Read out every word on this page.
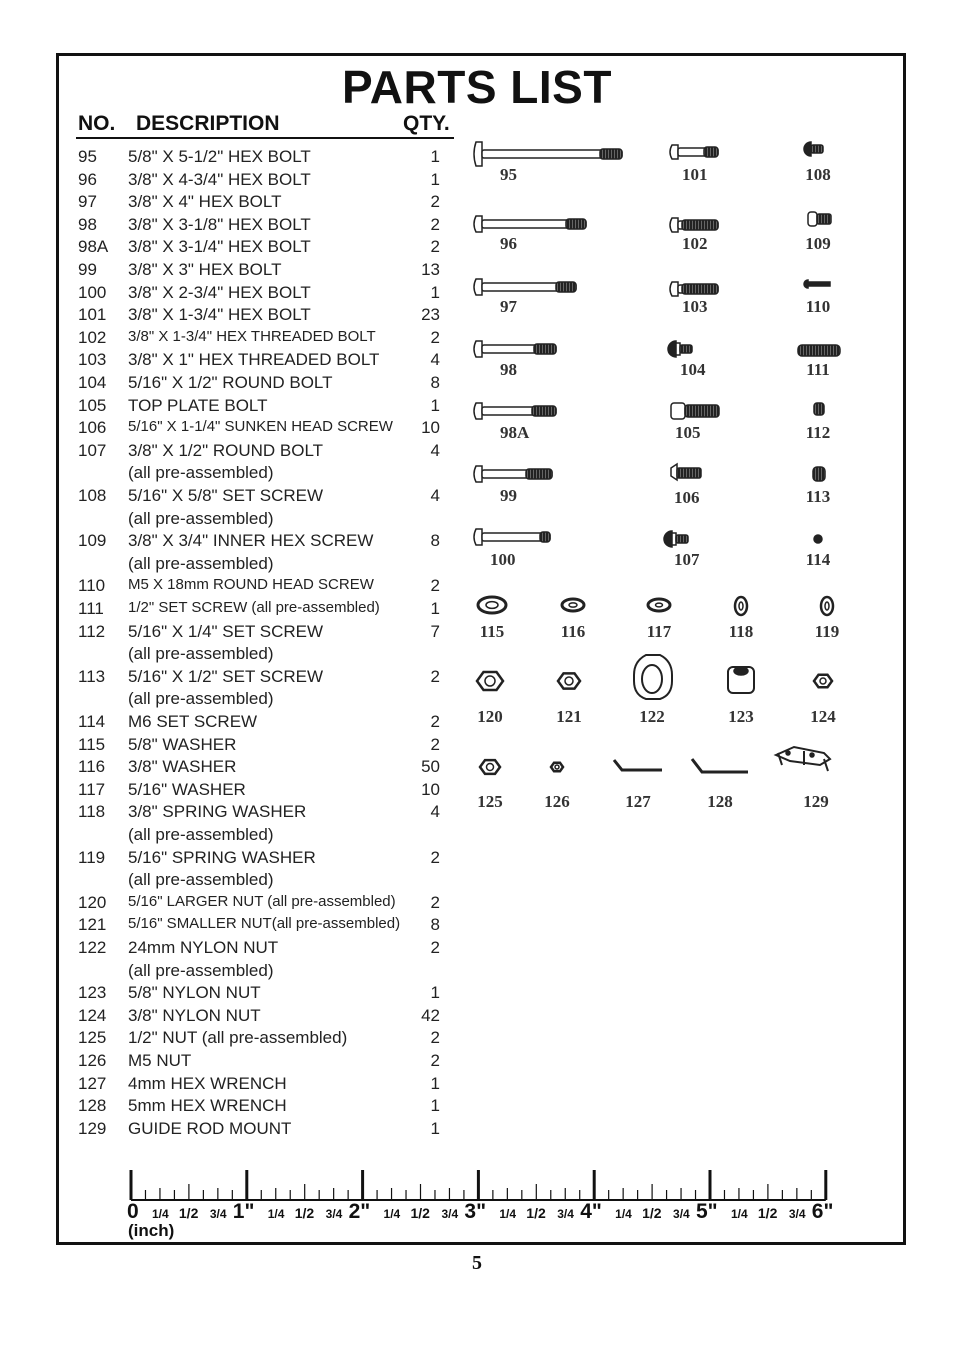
PARTS LIST
NO. DESCRIPTION	QTY.
95	5/8" X 5-1/2" HEX BOLT	1
96	3/8" X 4-3/4" HEX BOLT	1
97	3/8" X 4" HEX BOLT	2
98	3/8" X 3-1/8" HEX BOLT	2
98A 3/8" X 3-1/4" HEX BOLT	2
99	3/8" X 3" HEX BOLT	13
100 3/8" X 2-3/4" HEX BOLT	1
101 3/8" X 1-3/4" HEX BOLT	23
102 3/8" X 1-3/4" HEX THREADED BOLT	2
103 3/8" X 1" HEX THREADED BOLT	4
104 5/16" X 1/2" ROUND BOLT	8
105 TOP PLATE BOLT	1
106 5/16" X 1-1/4" SUNKEN HEAD SCREW	10
107 3/8" X 1/2" ROUND BOLT	4
(all pre-assembled)
108 5/16" X 5/8" SET SCREW	4
(all pre-assembled)
109 3/8" X 3/4" INNER HEX SCREW	8
(all pre-assembled)
110 M5 X 18mm ROUND HEAD SCREW	2
111 1/2" SET SCREW (all pre-assembled)	1
112 5/16" X 1/4" SET SCREW	7
(all pre-assembled)
113 5/16" X 1/2" SET SCREW	2
(all pre-assembled)
114 M6 SET SCREW	2
115 5/8" WASHER	2
116 3/8" WASHER	50
117 5/16" WASHER	10
118 3/8" SPRING WASHER	4
(all pre-assembled)
119 5/16" SPRING WASHER	2
(all pre-assembled)
120 5/16" LARGER NUT (all pre-assembled)	2
121 5/16" SMALLER NUT(all pre-assembled)	8
122 24mm NYLON NUT	2
(all pre-assembled)
123 5/8" NYLON NUT	1
124 3/8" NYLON NUT	42
125 1/2" NUT (all pre-assembled)	2
126 M5 NUT	2
127 4mm HEX WRENCH	1
128 5mm HEX WRENCH	1
129 GUIDE ROD MOUNT	1
95
96
97
98
98A
99
100
101
102
103
104
105
106
107
108
109
110
111
112
113
114
115	116	117	118	119
120	121	122	123	124
125 126	127	128	129
0 1/4 1/2 3/4 1" 1/4 1/2 3/4 2" 1/4 1/2 3/4 3" 1/4 1/2 3/4 4" 1/4 1/2 3/4 5" 1/4 1/2 3/4 6"
(inch)
5
